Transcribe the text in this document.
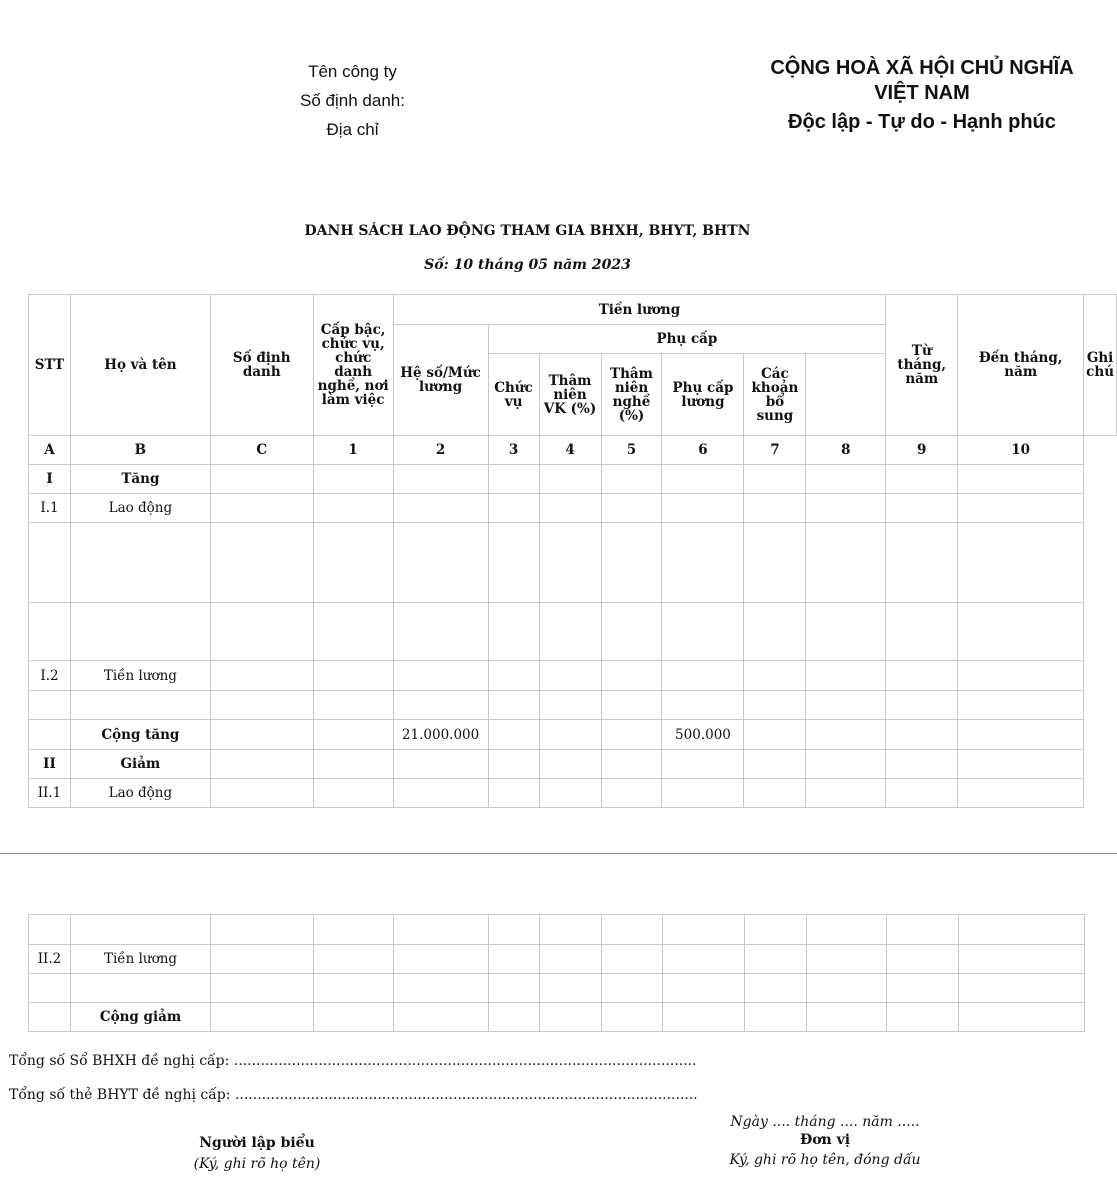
Tên công ty
Số định danh:
Địa chỉ
CỘNG HOÀ XÃ HỘI CHỦ NGHĨA
VIỆT NAM
Độc lập - Tự do - Hạnh phúc
DANH SÁCH LAO ĐỘNG THAM GIA BHXH, BHYT, BHTN
Số: 10 tháng 05 năm 2023
STT	Họ và tên	Số định danh	Cấp bậc, chức vụ, chức danh nghề, nơi làm việc	Tiền lương							Từ tháng, năm	Đến tháng, năm	Ghi chú
				Hệ số/Mức lương	Phụ cấp								
					Chức vụ	Thâm niên VK (%)	Thâm niên nghề (%)	Phụ cấp lương	Các khoản bổ sung				
A	B	C	1	2	3	4	5	6	7	8	9	10	
I	Tăng												
I.1	Lao động												

I.2	Tiền lương												

	Cộng tăng			21.000.000				500.000					
II	Giảm												
II.1	Lao động												

II.2	Tiền lương											

	Cộng giảm											
Tổng số Sổ BHXH đề nghị cấp: ........................................................................................................
Tổng số thẻ BHYT đề nghị cấp: ........................................................................................................
Người lập biểu
(Ký, ghi rõ họ tên)
Ngày .... tháng .... năm .....
Đơn vị
Ký, ghi rõ họ tên, đóng dấu
